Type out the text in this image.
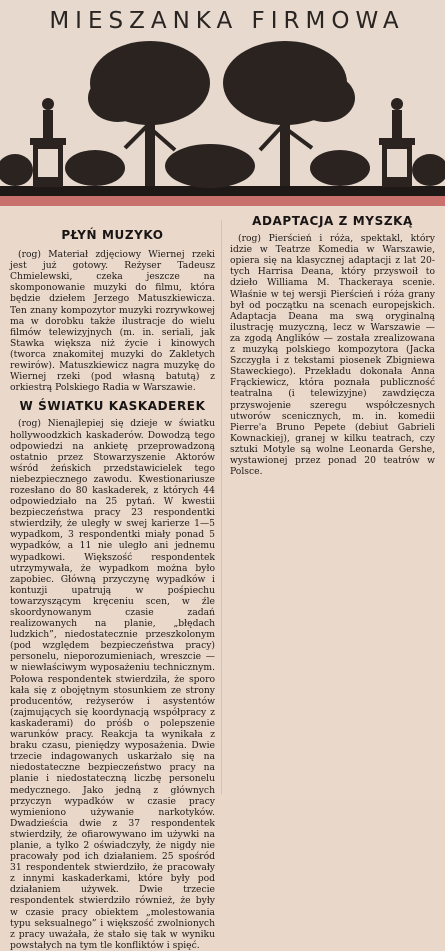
MIESZANKA FIRMOWA
PŁYŃ MUZYKO

(rog) Materiał zdjęciowy Wiernej rzeki jest już gotowy. Reżyser Tadeusz Chmielewski, czeka jeszcze na skomponowanie muzyki do filmu, która będzie dziełem Jerzego Matuszkiewicza. Ten znany kompozytor muzyki rozrywkowej ma w dorobku także ilustracje do wielu filmów telewizyjnych (m. in. seriali, jak Stawka większa niż życie i kinowych (tworca znakomitej muzyki do Zakletych rewirów). Matuszkiewicz nagra muzykę do Wiernej rzeki (pod własną batutą) z orkiestrą Polskiego Radia w Warszawie.

W ŚWIATKU KASKADEREK

(rog) Nienajlepiej się dzieje w światku hollywoodzkich kaskaderów. Dowodzą tego odpowiedzi na ankietę przeprowadzoną ostatnio przez Stowarzyszenie Aktorów wśród żeńskich przedstawicielek tego niebezpiecznego zawodu. Kwestionariusze rozesłano do 80 kaskaderek, z których 44 odpowiedziało na 25 pytań. W kwestii bezpieczeństwa pracy 23 respondentki stwierdziły, że uległy w swej karierze 1—5 wypadkom, 3 respondentki miały ponad 5 wypadków, a 11 nie uległo ani jednemu wypadkowi. Większość respondentek utrzymywała, że wypadkom można było zapobiec. Główną przyczynę wypadków i kontuzji upatrują w pośpiechu towarzyszącym kręceniu scen, w źle skoordynowanym czasie zadań realizowanych na planie, „błędach ludzkich”, niedostatecznie przeszkolonym (pod względem bezpieczeństwa pracy) personelu, nieporozumieniach, wreszcie — w niewłaściwym wyposażeniu technicznym. Połowa respondentek stwierdziła, że sporo kała się z obojętnym stosunkiem ze strony producentów, reżyserów i asystentów (zajmujących się koordynacją współpracy z kaskaderami) do próśb o polepszenie warunków pracy. Reakcja ta wynikała z braku czasu, pieniędzy wyposażenia. Dwie trzecie indagowanych uskarżało się na niedostateczne bezpieczeństwo pracy na planie i niedostateczną liczbę personelu medycznego. Jako jedną z głównych przyczyn wypadków w czasie pracy wymieniono używanie narkotyków. Dwadzieścia dwie z 37 respondentek stwierdziły, że ofiarowywano im używki na planie, a tylko 2 oświadczyły, że nigdy nie pracowały pod ich działaniem. 25 spośród 31 respondentek stwierdziło, że pracowały z innymi kaskaderkami, które były pod działaniem używek. Dwie trzecie respondentek stwierdziło również, że były w czasie pracy obiektem „molestowania typu seksualnego” i większość zwolnionych z pracy uważała, że stało się tak w wyniku powstałych na tym tle konfliktów i spięć.

ADAPTACJA Z MYSZKĄ

(rog) Pierścień i róża, spektakl, który idzie w Teatrze Komedia w Warszawie, opiera się na klasycznej adaptacji z lat 20-tych Harrisa Deana, który przyswoił to dzieło Williama M. Thackeraya scenie. Właśnie w tej wersji Pierścień i róża grany był od początku na scenach europejskich. Adaptacja Deana ma swą oryginalną ilustrację muzyczną, lecz w Warszawie — za zgodą Anglików — została zrealizowana z muzyką polskiego kompozytora (Jacka Szczygła i z tekstami piosenek Zbigniewa Staweckiego). Przekładu dokonała Anna Frąckiewicz, która poznała publiczność teatralna (i telewizyjne) zawdzięcza przyswojenie szeregu współczesnych utworów scenicznych, m. in. komedii Pierre'a Bruno Pepete (debiut Gabrieli Kownackiej), granej w kilku teatrach, czy sztuki Motyle są wolne Leonarda Gershe, wystawionej przez ponad 20 teatrów w Polsce.
